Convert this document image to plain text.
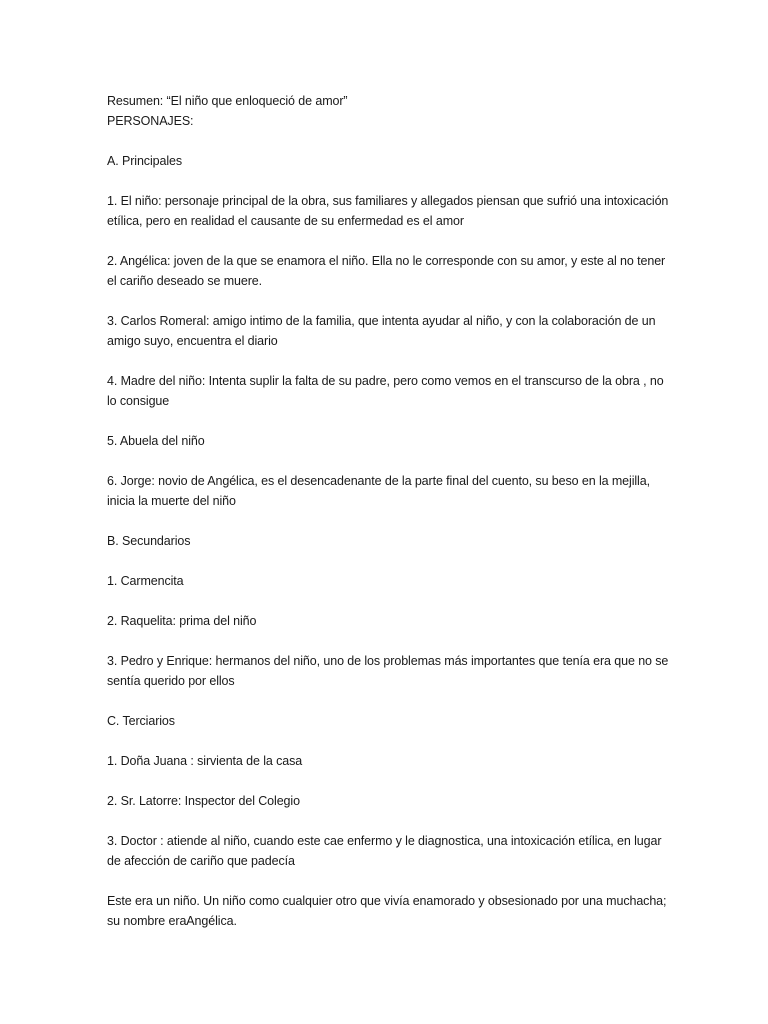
Resumen: “El niño que enloqueció de amor”

PERSONAJES:

A. Principales

1. El niño: personaje principal de la obra, sus familiares y allegados piensan que sufrió una intoxicación etílica, pero en realidad el causante de su enfermedad es el amor

2. Angélica: joven de la que se enamora el niño. Ella no le corresponde con su amor, y este al no tener el cariño deseado se muere.

3. Carlos Romeral: amigo intimo de la familia, que intenta ayudar al niño, y con la colaboración de un amigo suyo, encuentra el diario

4. Madre del niño: Intenta suplir la falta de su padre, pero como vemos en el transcurso de la obra , no lo consigue

5. Abuela del niño

6. Jorge: novio de Angélica, es el desencadenante de la parte final del cuento, su beso en la mejilla, inicia la muerte del niño

B. Secundarios

1. Carmencita

2. Raquelita: prima del niño

3. Pedro y Enrique: hermanos del niño, uno de los problemas más importantes que tenía era que no se sentía querido por ellos

C. Terciarios

1. Doña Juana : sirvienta de la casa

2. Sr. Latorre: Inspector del Colegio

3. Doctor : atiende al niño, cuando este cae enfermo y le diagnostica, una intoxicación etílica, en lugar de afección de cariño que padecía

Este era un niño. Un niño como cualquier otro que vivía enamorado y obsesionado por una muchacha; su nombre eraAngélica.
